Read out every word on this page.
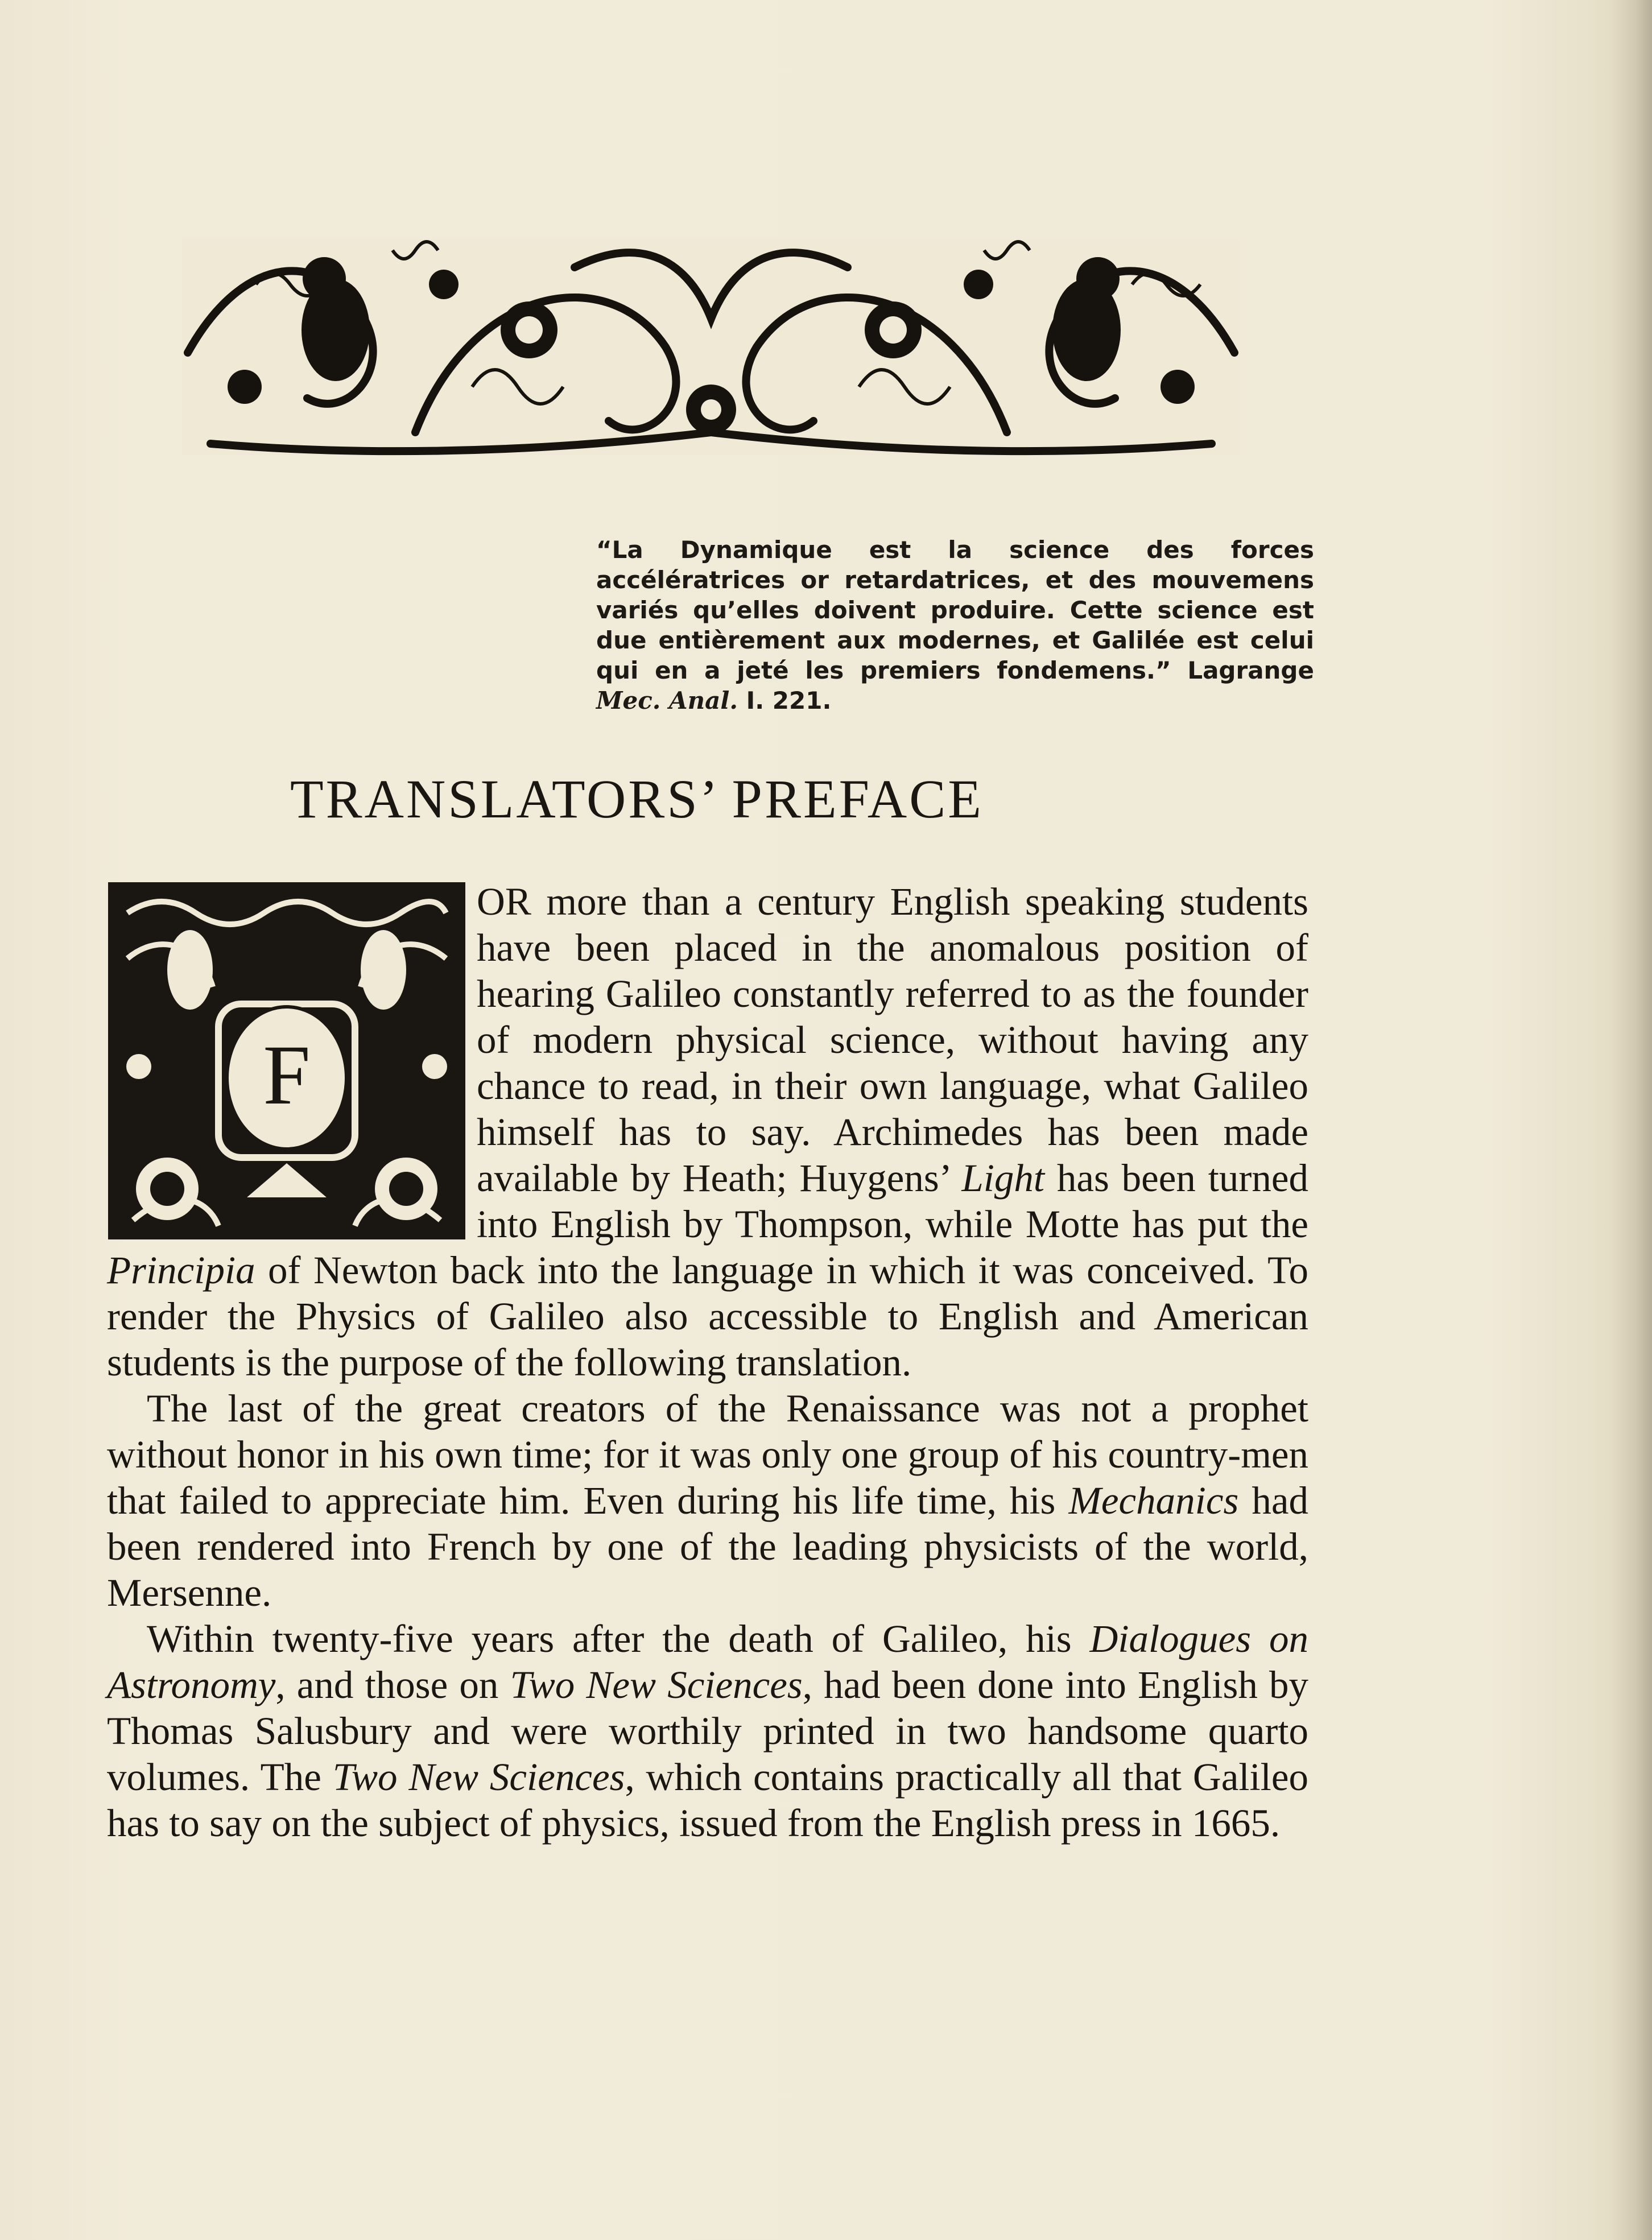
“La Dynamique est la science des forces accélératrices or retardatrices, et des mouvemens variés qu’elles doivent produire. Cette science est due entièrement aux modernes, et Galilée est celui qui en a jeté les premiers fondemens.” Lagrange Mec. Anal. I. 221.
TRANSLATORS’ PREFACE
F

OR more than a century English speaking students have been placed in the anomalous position of hearing Galileo constantly referred to as the founder of modern physical science, without having any chance to read, in their own language, what Galileo himself has to say. Archimedes has been made available by Heath; Huygens’ Light has been turned into English by Thompson, while Motte has put the Principia of Newton back into the language in which it was conceived. To render the Physics of Galileo also accessible to English and American students is the purpose of the following translation.

The last of the great creators of the Renaissance was not a prophet without honor in his own time; for it was only one group of his country-men that failed to appreciate him. Even during his life time, his Mechanics had been rendered into French by one of the leading physicists of the world, Mersenne.

Within twenty-five years after the death of Galileo, his Dialogues on Astronomy, and those on Two New Sciences, had been done into English by Thomas Salusbury and were worthily printed in two handsome quarto volumes. The Two New Sciences, which contains practically all that Galileo has to say on the subject of physics, issued from the English press in 1665.
